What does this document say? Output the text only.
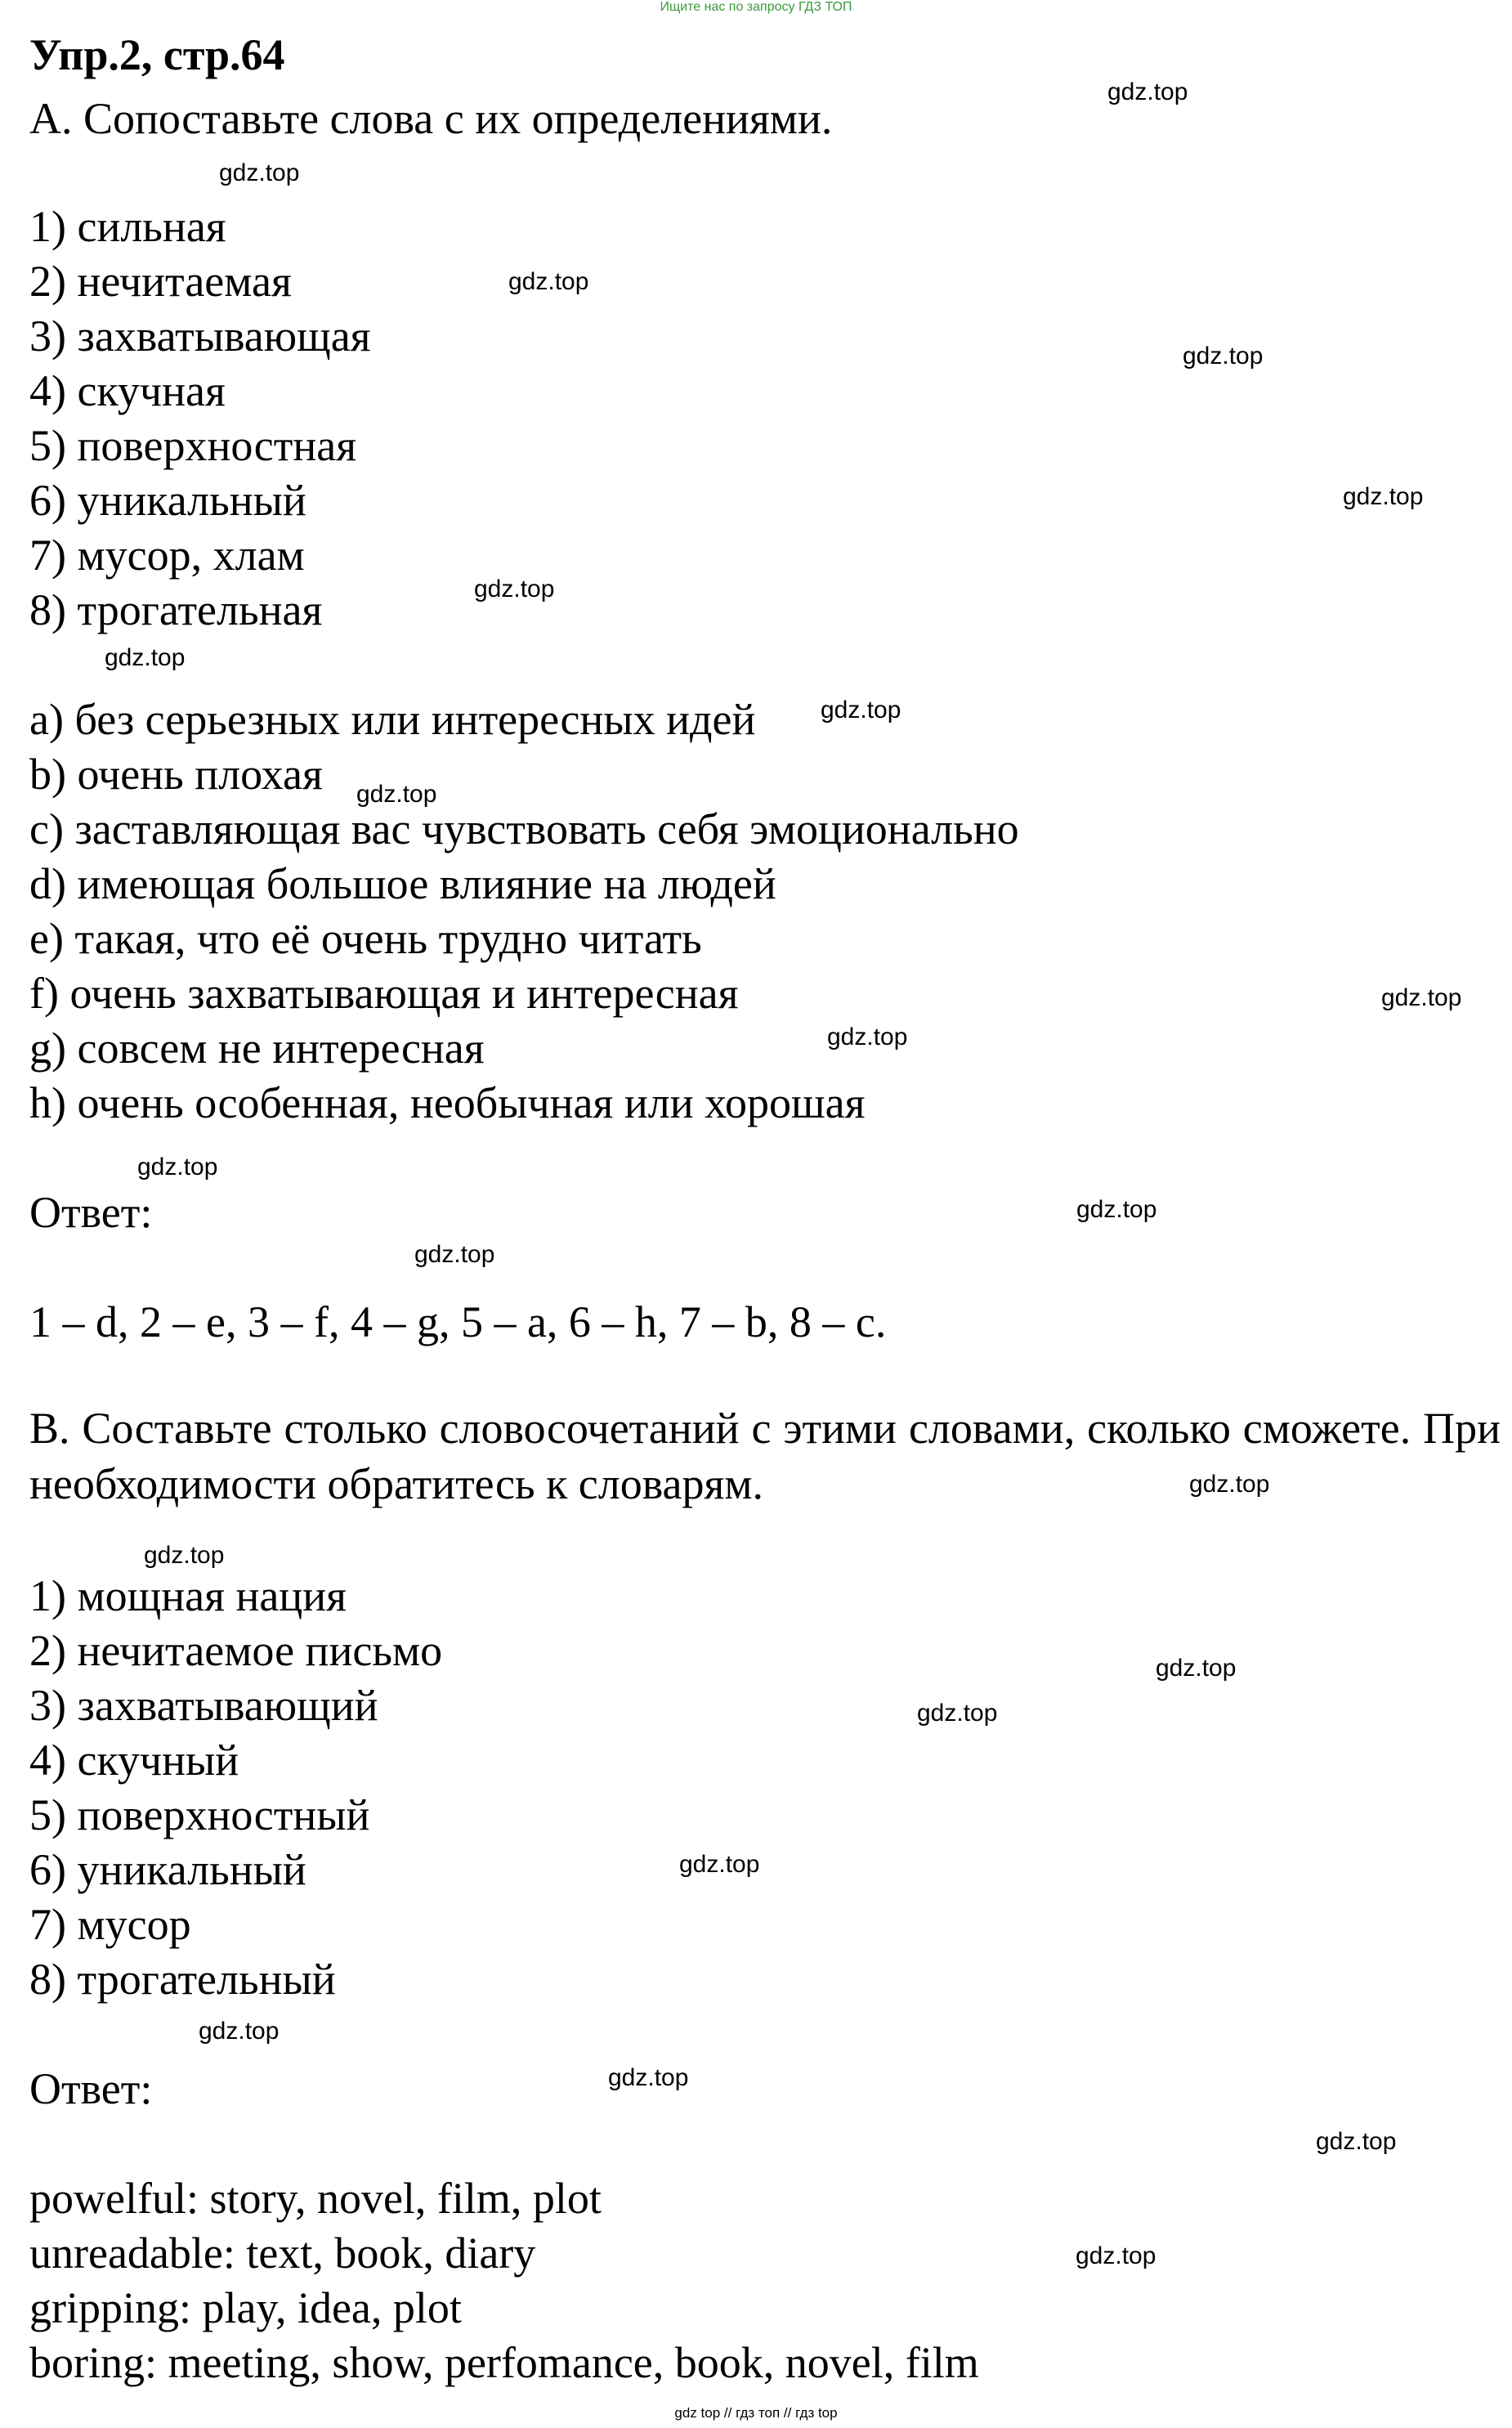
Ищите нас по запросу ГДЗ ТОП
Упр.2, стр.64
A. Сопоставьте слова с их определениями.
1) сильная
2) нечитаемая
3) захватывающая
4) скучная
5) поверхностная
6) уникальный
7) мусор, хлам
8) трогательная
a) без серьезных или интересных идей
b) очень плохая
c) заставляющая вас чувствовать себя эмоционально
d) имеющая большое влияние на людей
e) такая, что её очень трудно читать
f) очень захватывающая и интересная
g) совсем не интересная
h) очень особенная, необычная или хорошая
Ответ:
1 – d, 2 – e, 3 – f, 4 – g, 5 – a, 6 – h, 7 – b, 8 – c.
B. Составьте столько словосочетаний с этими словами, сколько сможете. При необходимости обратитесь к словарям.
1) мощная нация
2) нечитаемое письмо
3) захватывающий
4) скучный
5) поверхностный
6) уникальный
7) мусор
8) трогательный
Ответ:
powelful: story, novel, film, plot
unreadable: text, book, diary
gripping: play, idea, plot
boring: meeting, show, perfomance, book, novel, film
gdz.top
gdz.top
gdz.top
gdz.top
gdz.top
gdz.top
gdz.top
gdz.top
gdz.top
gdz.top
gdz.top
gdz.top
gdz.top
gdz.top
gdz.top
gdz.top
gdz.top
gdz.top
gdz.top
gdz.top
gdz.top
gdz.top
gdz.top
gdz top // гдз топ // гдз top
